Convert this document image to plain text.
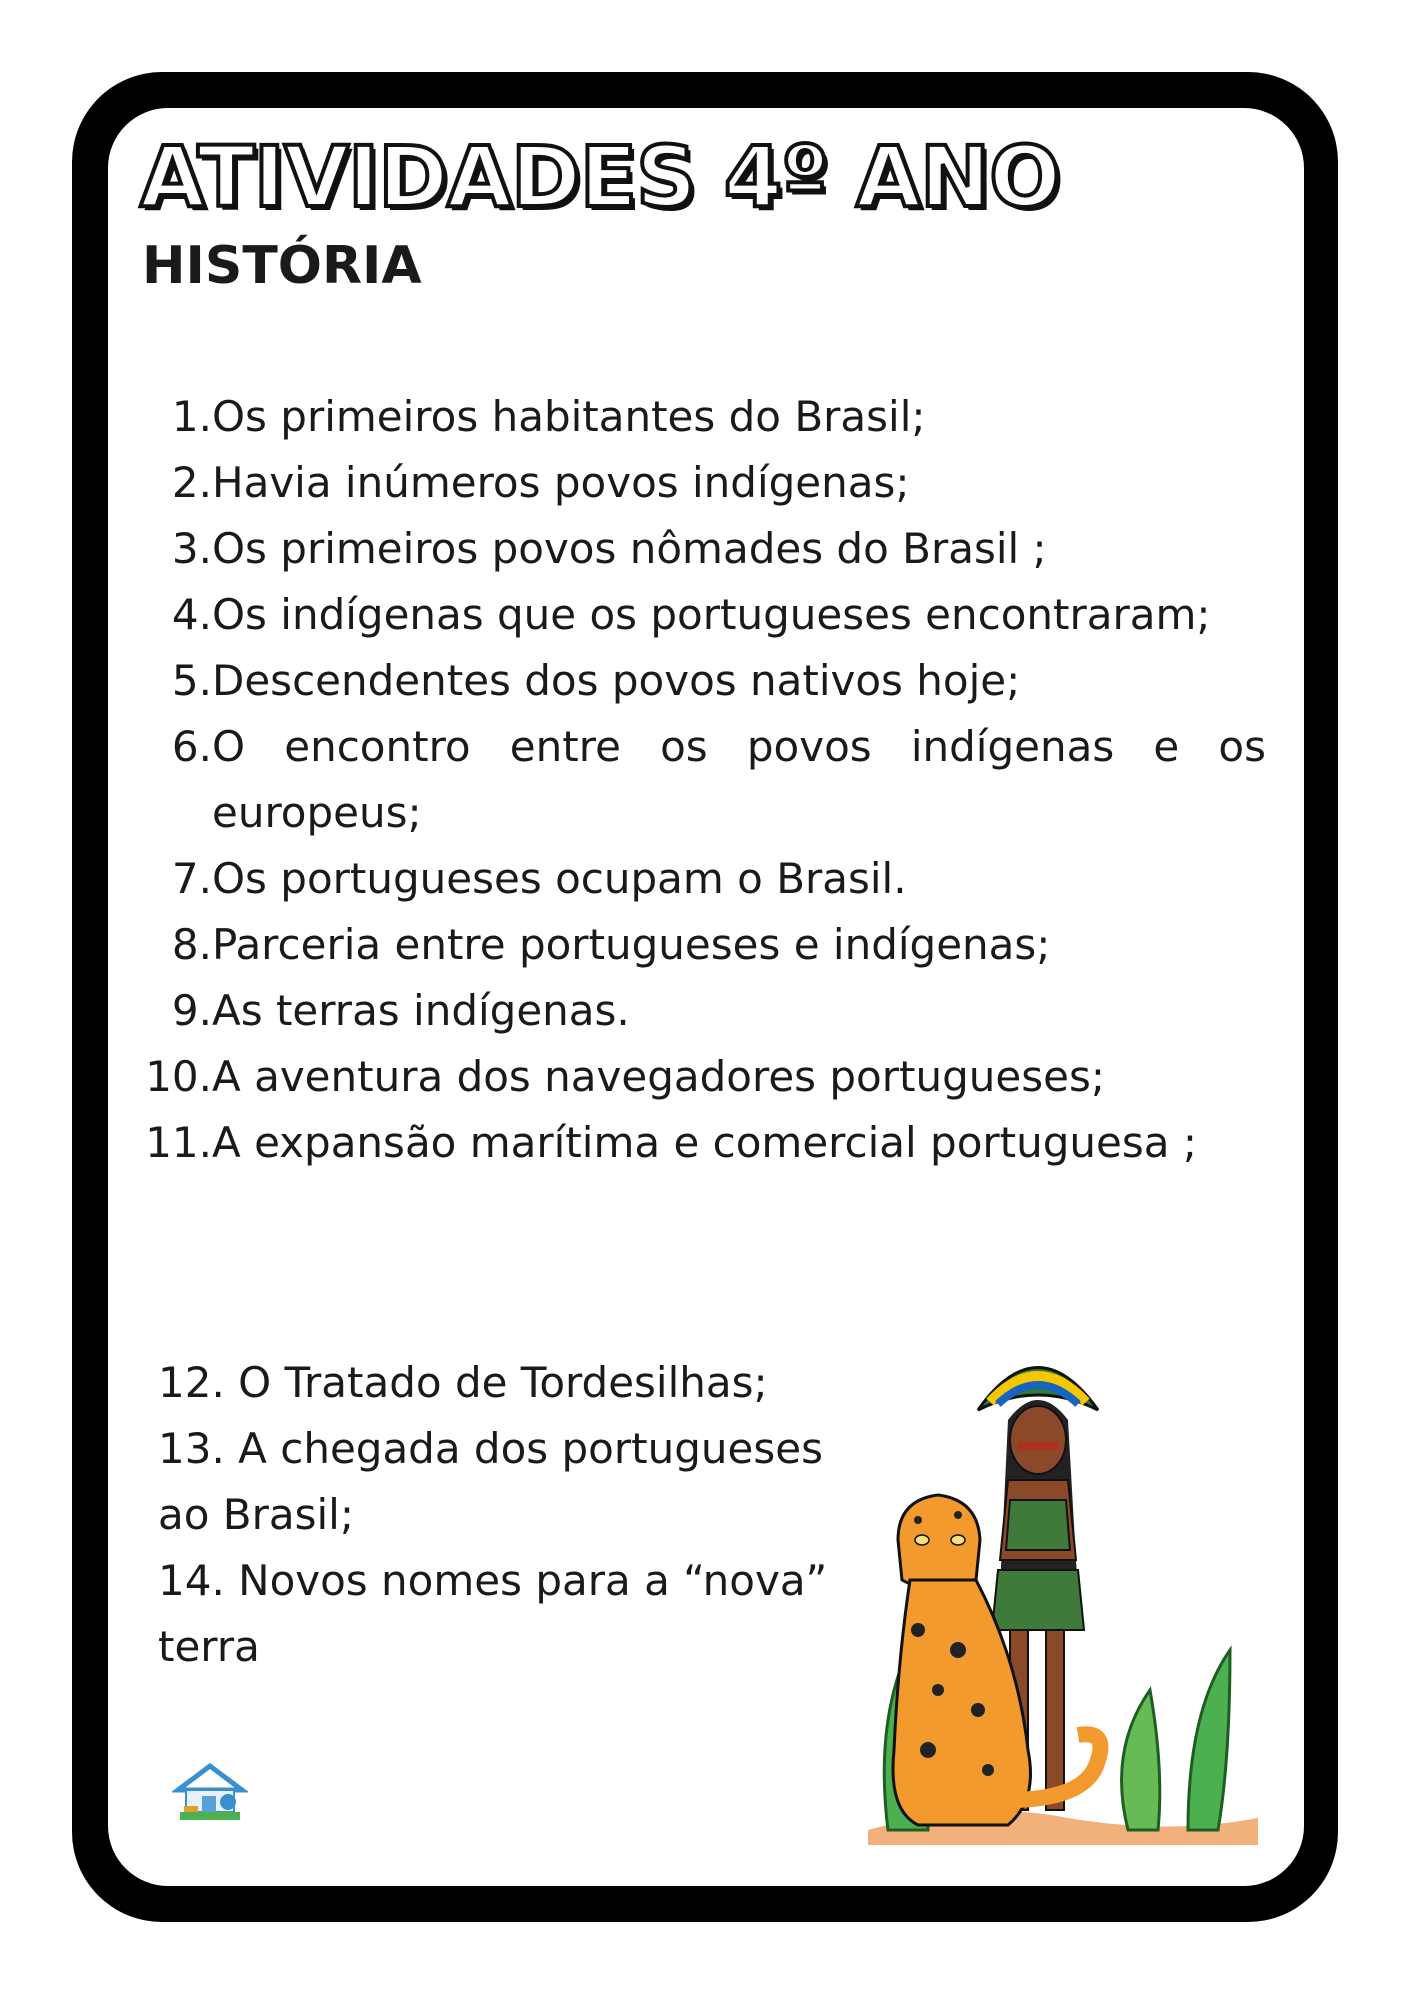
ATIVIDADES 4º ANO
HISTÓRIA
1. Os primeiros habitantes do Brasil;
2. Havia inúmeros povos indígenas;
3. Os primeiros povos nômades do Brasil ;
4. Os indígenas que os portugueses encontraram;
5. Descendentes dos povos nativos hoje;
6. O encontro entre os povos indígenas e os europeus;
7. Os portugueses ocupam o Brasil.
8. Parceria entre portugueses e indígenas;
9. As terras indígenas.
10. A aventura dos navegadores portugueses;
11. A expansão marítima e comercial portuguesa ;

12. O Tratado de Tordesilhas;

13. A chegada dos portugueses ao Brasil;

14. Novos nomes para a “nova” terra
